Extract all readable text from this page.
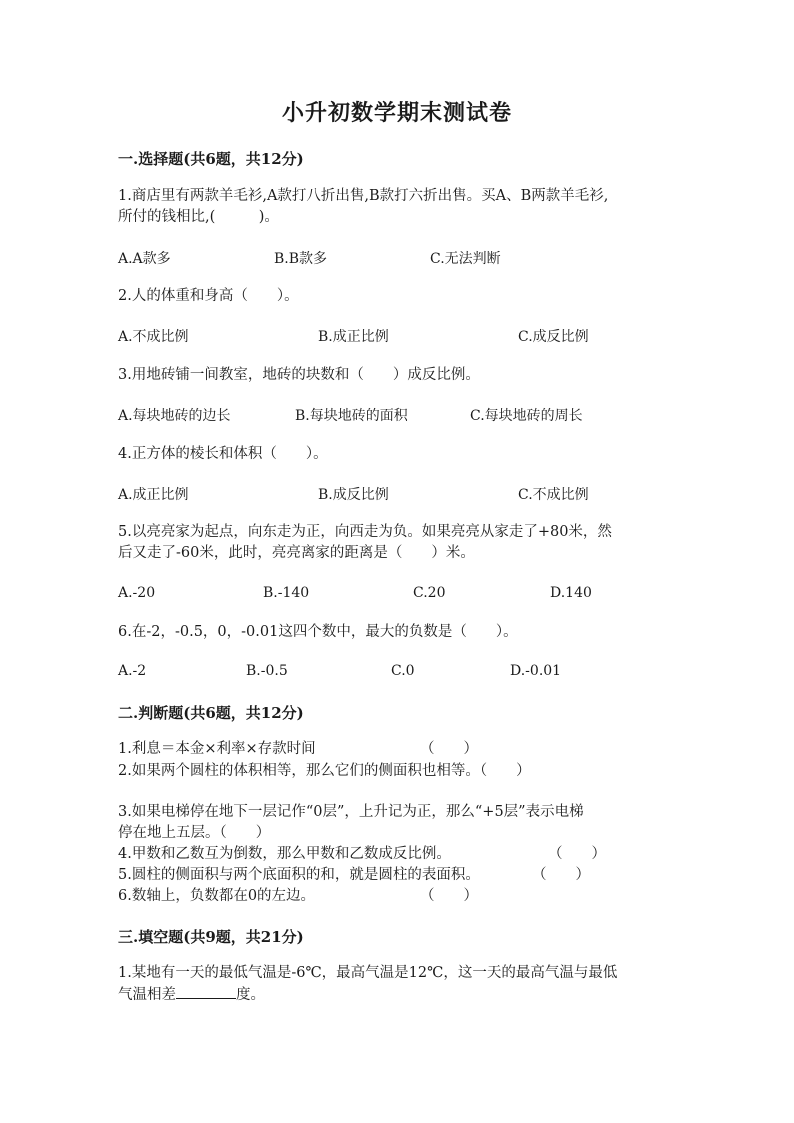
小升初数学期末测试卷
一.选择题(共6题，共12分)
1.商店里有两款羊毛衫,A款打八折出售,B款打六折出售。买A、B两款羊毛衫,
所付的钱相比,(　　　)。
A.A款多	B.B款多	C.无法判断
2.人的体重和身高（　　）。
A.不成比例	B.成正比例	C.成反比例
3.用地砖铺一间教室，地砖的块数和（　　）成反比例。
A.每块地砖的边长	B.每块地砖的面积	C.每块地砖的周长
4.正方体的棱长和体积（　　）。
A.成正比例	B.成反比例	C.不成比例
5.以亮亮家为起点，向东走为正，向西走为负。如果亮亮从家走了+80米，然
后又走了-60米，此时，亮亮离家的距离是（　　）米。
A.-20	B.-140	C.20	D.140
6.在-2，-0.5，0，-0.01这四个数中，最大的负数是（　　）。
A.-2	B.-0.5	C.0	D.-0.01
二.判断题(共6题，共12分)
1.利息＝本金×利率×存款时间	（　　）
2.如果两个圆柱的体积相等，那么它们的侧面积也相等。（　　）
3.如果电梯停在地下一层记作“0层”，上升记为正，那么“+5层”表示电梯
停在地上五层。（　　）
4.甲数和乙数互为倒数，那么甲数和乙数成反比例。	（　　）
5.圆柱的侧面积与两个底面积的和，就是圆柱的表面积。	（　　）
6.数轴上，负数都在0的左边。	（　　）
三.填空题(共9题，共21分)
1.某地有一天的最低气温是-6℃，最高气温是12℃，这一天的最高气温与最低
气温相差	度。
